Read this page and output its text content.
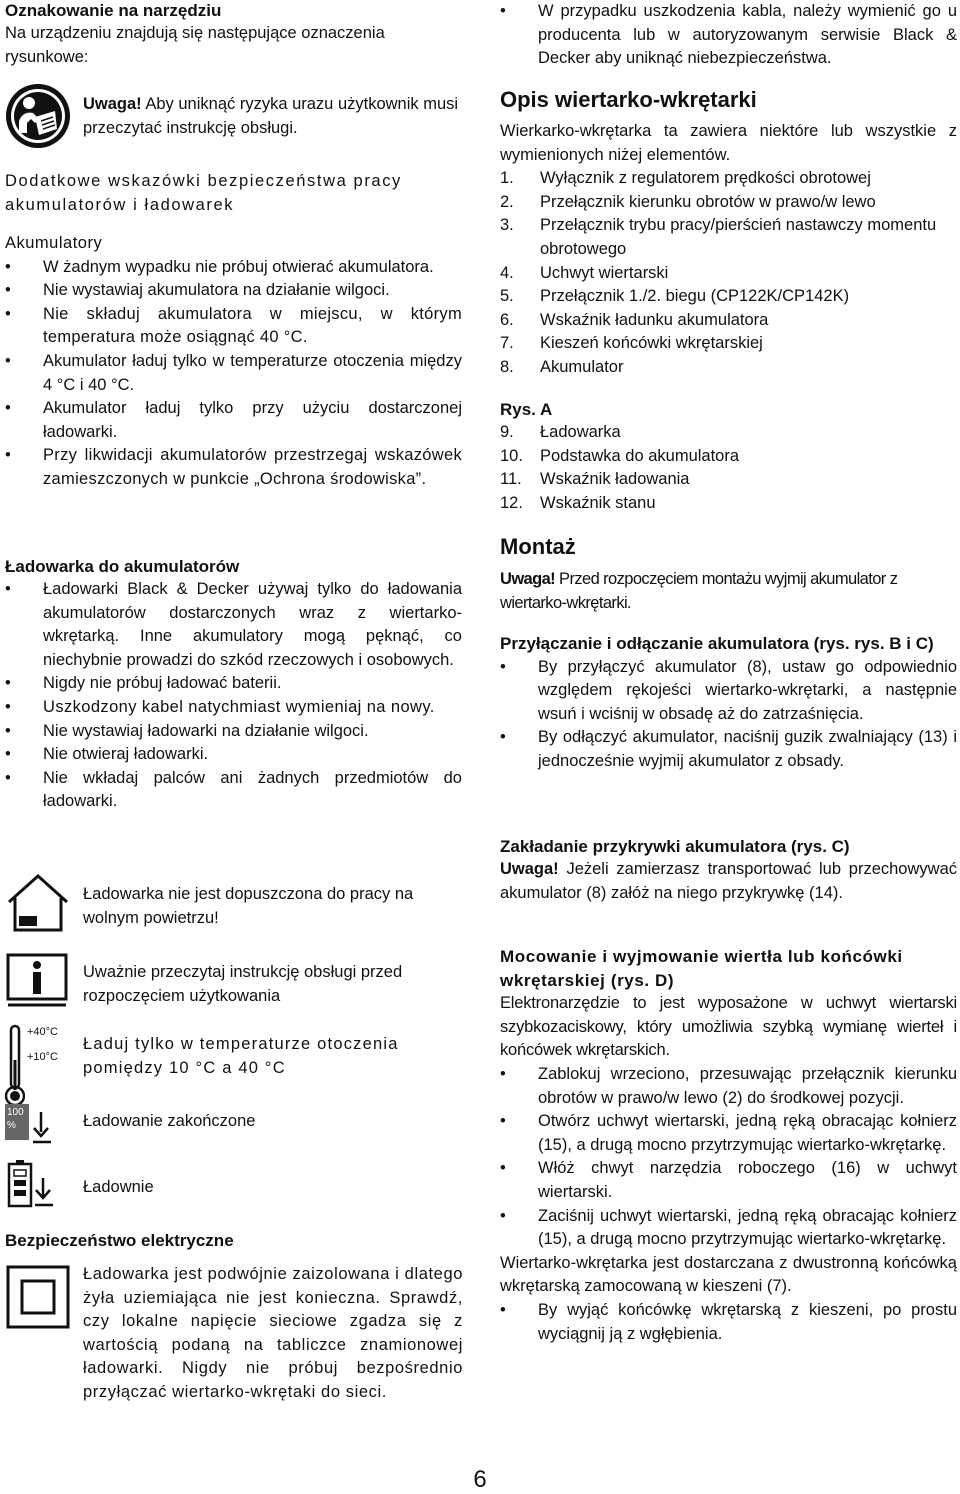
Oznakowanie na narzędziu

Na urządzeniu znajdują się następujące oznaczenia rysunkowe:

Uwaga! Aby uniknąć ryzyka urazu użytkownik musi przeczytać instrukcję obsługi.

Dodatkowe wskazówki bezpieczeństwa pracy akumulatorów i ładowarek

Akumulatory

• W żadnym wypadku nie próbuj otwierać akumulatora.
• Nie wystawiaj akumulatora na działanie wilgoci.
• Nie składuj akumulatora w miejscu, w którym temperatura może osiągnąć 40 °C.
• Akumulator ładuj tylko w temperaturze otoczenia między 4 °C i 40 °C.
• Akumulator ładuj tylko przy użyciu dostarczonej ładowarki.
• Przy likwidacji akumulatorów przestrzegaj wskazówek zamieszczonych w punkcie „Ochrona środowiska”.
Ładowarka do akumulatorów
• Ładowarki Black & Decker używaj tylko do ładowania akumulatorów dostarczonych wraz z wiertarko-wkrętarką. Inne akumulatory mogą pęknąć, co niechybnie prowadzi do szkód rzeczowych i osobowych.
• Nigdy nie próbuj ładować baterii.
• Uszkodzony kabel natychmiast wymieniaj na nowy.
• Nie wystawiaj ładowarki na działanie wilgoci.
• Nie otwieraj ładowarki.
• Nie wkładaj palców ani żadnych przedmiotów do ładowarki.

Ładowarka nie jest dopuszczona do pracy na wolnym powietrzu!

Uważnie przeczytaj instrukcję obsługi przed rozpoczęciem użytkowania

+40°C
+10°C

Ładuj tylko w temperaturze otoczenia pomiędzy 10 °C a 40 °C

100 %	Ładowanie zakończone

Ładownie

Bezpieczeństwo elektryczne

Ładowarka jest podwójnie zaizolowana i dlatego żyła uziemiająca nie jest konieczna. Sprawdź, czy lokalne napięcie sieciowe zgadza się z wartością podaną na tabliczce znamionowej ładowarki. Nigdy nie próbuj bezpośrednio przyłączać wiertarko-wkrętaki do sieci.

• W przypadku uszkodzenia kabla, należy wymienić go u producenta lub w autoryzowanym serwisie Black & Decker aby uniknąć niebezpieczeństwa.
Opis wiertarko-wkrętarki

Wierkarko-wkrętarka ta zawiera niektóre lub wszystkie z wymienionych niżej elementów.

1. Wyłącznik z regulatorem prędkości obrotowej
2. Przełącznik kierunku obrotów w prawo/w lewo
3. Przełącznik trybu pracy/pierścień nastawczy momentu obrotowego
4. Uchwyt wiertarski
5. Przełącznik 1./2. biegu (CP122K/CP142K)
6. Wskaźnik ładunku akumulatora
7. Kieszeń końcówki wkrętarskiej
8. Akumulator
Rys. A
9. Ładowarka
10. Podstawka do akumulatora
11. Wskaźnik ładowania
12. Wskaźnik stanu
Montaż

Uwaga! Przed rozpoczęciem montażu wyjmij akumulator z wiertarko-wkrętarki.

Przyłączanie i odłączanie akumulatora (rys. rys. B i C)
• By przyłączyć akumulator (8), ustaw go odpowiednio względem rękojeści wiertarko-wkrętarki, a następnie wsuń i wciśnij w obsadę aż do zatrzaśnięcia.
• By odłączyć akumulator, naciśnij guzik zwalniający (13) i jednocześnie wyjmij akumulator z obsady.
Zakładanie przykrywki akumulatora (rys. C)

Uwaga! Jeżeli zamierzasz transportować lub przechowywać akumulator (8) załóż na niego przykrywkę (14).

Mocowanie i wyjmowanie wiertła lub końcówki wkrętarskiej (rys. D)

Elektronarzędzie to jest wyposażone w uchwyt wiertarski szybkozaciskowy, który umożliwia szybką wymianę wierteł i końcówek wkrętarskich.

• Zablokuj wrzeciono, przesuwając przełącznik kierunku obrotów w prawo/w lewo (2) do środkowej pozycji.
• Otwórz uchwyt wiertarski, jedną ręką obracając kołnierz (15), a drugą mocno przytrzymując wiertarko-wkrętarkę.
• Włóż chwyt narzędzia roboczego (16) w uchwyt wiertarski.
• Zaciśnij uchwyt wiertarski, jedną ręką obracając kołnierz (15), a drugą mocno przytrzymując wiertarko-wkrętarkę.

Wiertarko-wkrętarka jest dostarczana z dwustronną końcówką wkrętarską zamocowaną w kieszeni (7).

• By wyjąć końcówkę wkrętarską z kieszeni, po prostu wyciągnij ją z wgłębienia.
6
